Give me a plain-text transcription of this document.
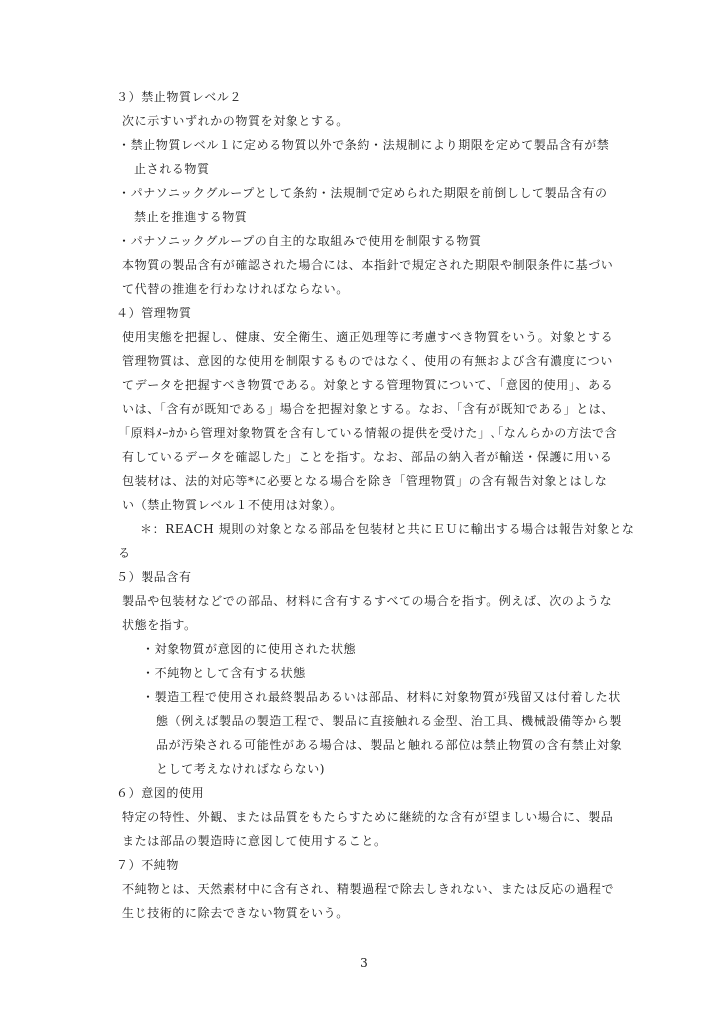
３）禁止物質レベル２
次に示すいずれかの物質を対象とする。
・禁止物質レベル１に定める物質以外で条約・法規制により期限を定めて製品含有が禁
止される物質
・パナソニックグループとして条約・法規制で定められた期限を前倒しして製品含有の
禁止を推進する物質
・パナソニックグループの自主的な取組みで使用を制限する物質
本物質の製品含有が確認された場合には、本指針で規定された期限や制限条件に基づい
て代替の推進を行わなければならない。
４）管理物質
使用実態を把握し、健康、安全衛生、適正処理等に考慮すべき物質をいう。対象とする
管理物質は、意図的な使用を制限するものではなく、使用の有無および含有濃度につい
てデータを把握すべき物質である。対象とする管理物質について、「意図的使用」、ある
いは、「含有が既知である」場合を把握対象とする。なお、「含有が既知である」とは、
「原料ﾒｰｶから管理対象物質を含有している情報の提供を受けた」､｢なんらかの方法で含
有しているデータを確認した」ことを指す。なお、部品の納入者が輸送・保護に用いる
包装材は、法的対応等*に必要となる場合を除き「管理物質」の含有報告対象とはしな
い（禁止物質レベル１不使用は対象）。
＊：REACH 規則の対象となる部品を包装材と共にＥＵに輸出する場合は報告対象とな
る
５）製品含有
製品や包装材などでの部品、材料に含有するすべての場合を指す。例えば、次のような
状態を指す。
・対象物質が意図的に使用された状態
・不純物として含有する状態
・製造工程で使用され最終製品あるいは部品、材料に対象物質が残留又は付着した状
態（例えば製品の製造工程で、製品に直接触れる金型、治工具、機械設備等から製
品が汚染される可能性がある場合は、製品と触れる部位は禁止物質の含有禁止対象
として考えなければならない)
６）意図的使用
特定の特性、外観、または品質をもたらすために継続的な含有が望ましい場合に、製品
または部品の製造時に意図して使用すること。
７）不純物
不純物とは、天然素材中に含有され、精製過程で除去しきれない、または反応の過程で
生じ技術的に除去できない物質をいう。
3
